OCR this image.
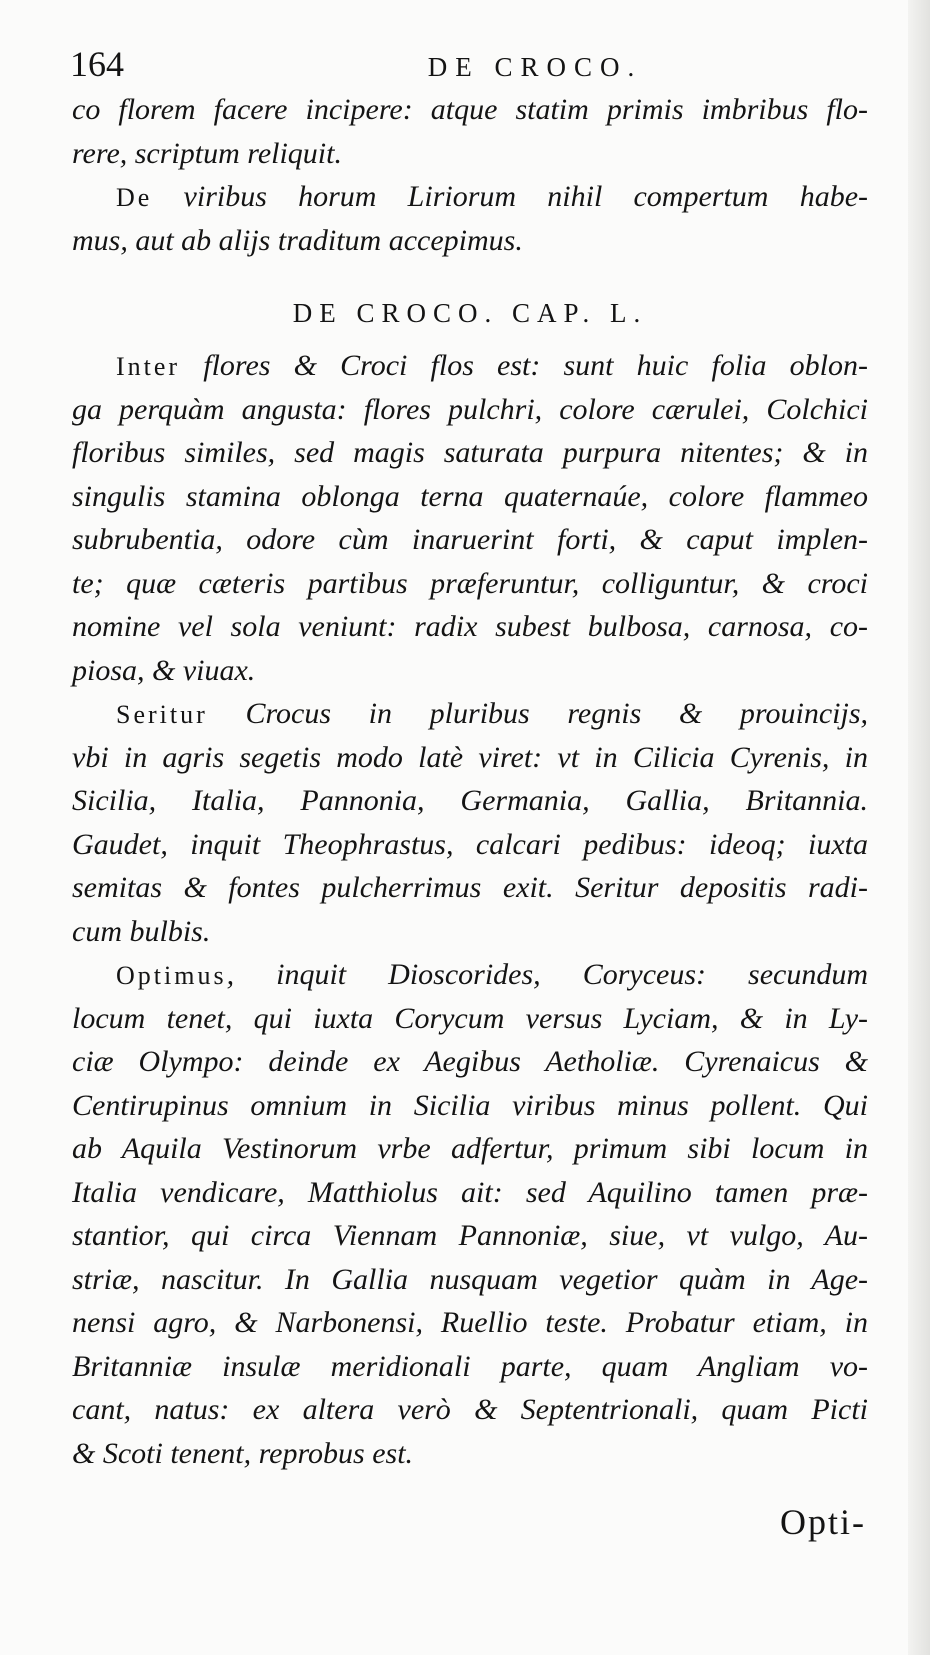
164	DE CROCO.
co florem facere incipere: atque statim primis imbribus flo-
rere, scriptum reliquit.
De viribus horum Liriorum nihil compertum habe-
mus, aut ab alijs traditum accepimus.
DE CROCO. CAP. L.
Inter flores & Croci flos est: sunt huic folia oblon-
ga perquàm angusta: flores pulchri, colore cærulei, Colchici
floribus similes, sed magis saturata purpura nitentes; & in
singulis stamina oblonga terna quaternaúe, colore flammeo
subrubentia, odore cùm inaruerint forti, & caput implen-
te; quæ cæteris partibus præferuntur, colliguntur, & croci
nomine vel sola veniunt: radix subest bulbosa, carnosa, co-
piosa, & viuax.
Seritur Crocus in pluribus regnis & prouincijs,
vbi in agris segetis modo latè viret: vt in Cilicia Cyrenis, in
Sicilia, Italia, Pannonia, Germania, Gallia, Britannia.
Gaudet, inquit Theophrastus, calcari pedibus: ideoq; iuxta
semitas & fontes pulcherrimus exit. Seritur depositis radi-
cum bulbis.
Optimus, inquit Dioscorides, Coryceus: secundum
locum tenet, qui iuxta Corycum versus Lyciam, & in Ly-
ciæ Olympo: deinde ex Aegibus Aetholiæ. Cyrenaicus &
Centirupinus omnium in Sicilia viribus minus pollent. Qui
ab Aquila Vestinorum vrbe adfertur, primum sibi locum in
Italia vendicare, Matthiolus ait: sed Aquilino tamen præ-
stantior, qui circa Viennam Pannoniæ, siue, vt vulgo, Au-
striæ, nascitur. In Gallia nusquam vegetior quàm in Age-
nensi agro, & Narbonensi, Ruellio teste. Probatur etiam, in
Britanniæ insulæ meridionali parte, quam Angliam vo-
cant, natus: ex altera verò & Septentrionali, quam Picti
& Scoti tenent, reprobus est.
Opti-
